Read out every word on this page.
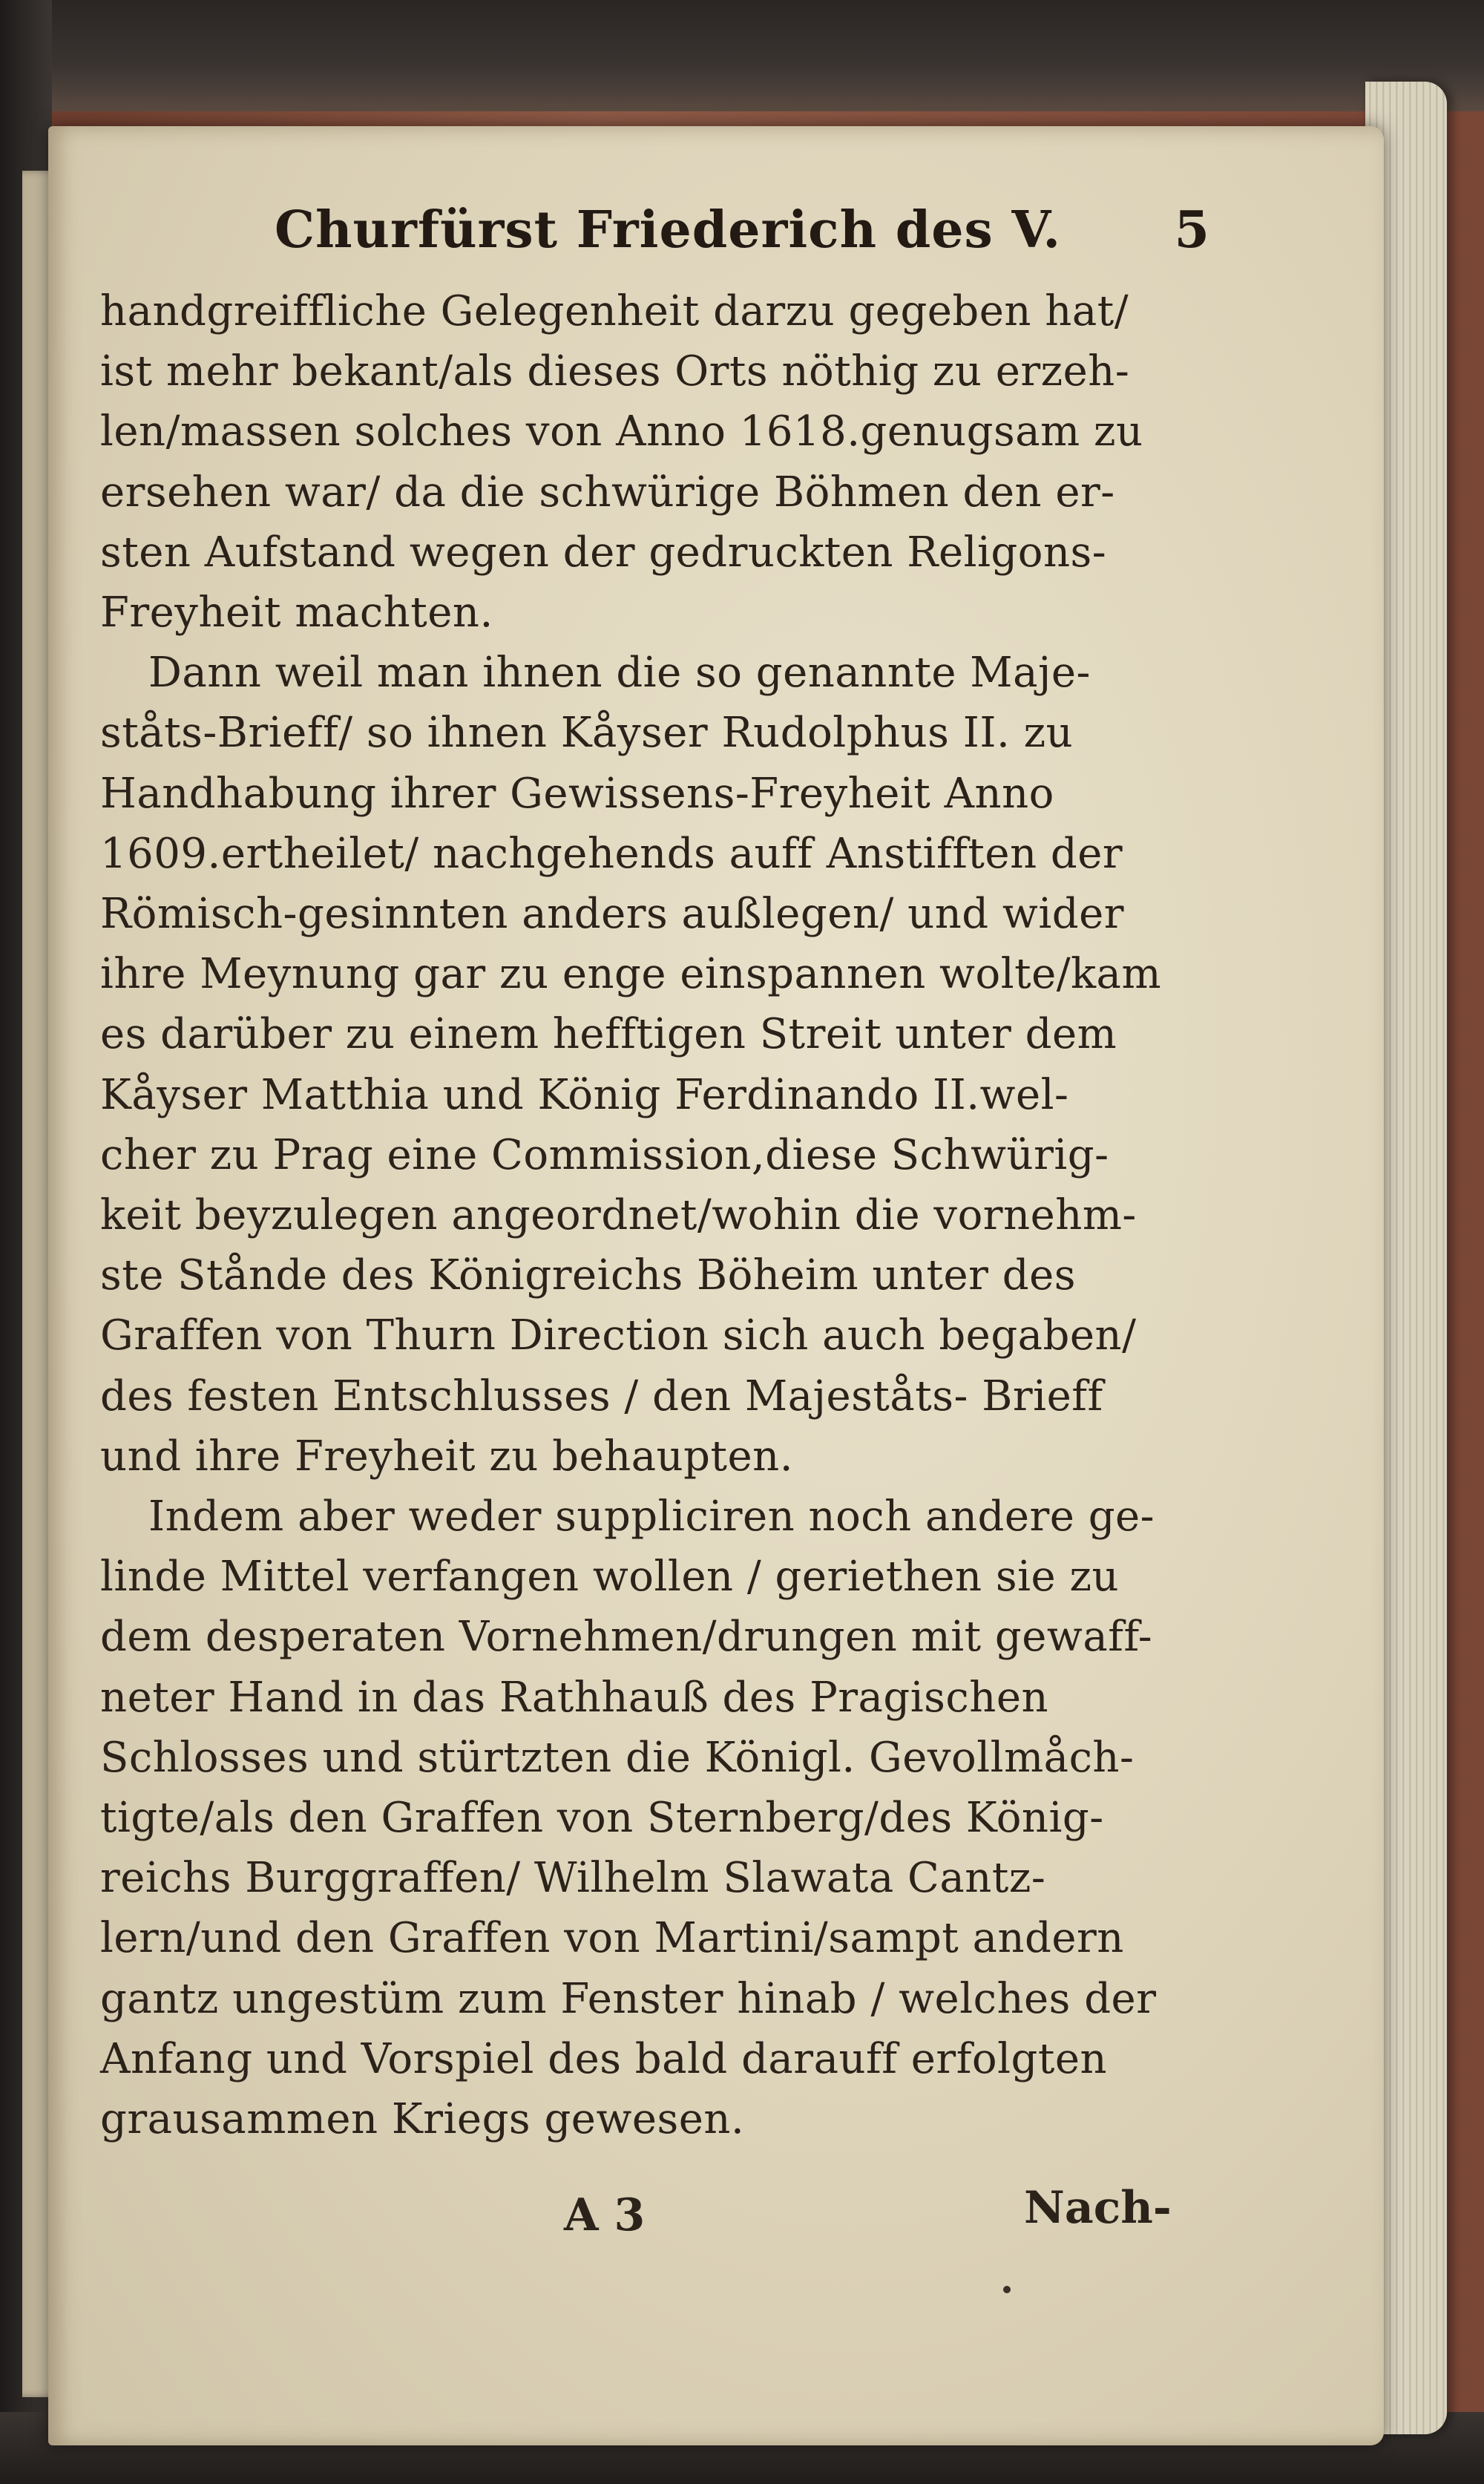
Churfürst Friederich des V. 5
handgreiffliche Gelegenheit darzu gegeben hat/
ist mehr bekant/als dieses Orts nöthig zu erzeh-
len/massen solches von Anno 1618.genugsam zu
ersehen war/ da die schwürige Böhmen den er-
sten Aufstand wegen der gedruckten Religons-
Freyheit machten.
Dann weil man ihnen die so genannte Maje-
ståts-Brieff/ so ihnen Kåyser Rudolphus II. zu
Handhabung ihrer Gewissens-Freyheit Anno
1609.ertheilet/ nachgehends auff Anstifften der
Römisch-gesinnten anders außlegen/ und wider
ihre Meynung gar zu enge einspannen wolte/kam
es darüber zu einem hefftigen Streit unter dem
Kåyser Matthia und König Ferdinando II.wel-
cher zu Prag eine Commission,diese Schwürig-
keit beyzulegen angeordnet/wohin die vornehm-
ste Stånde des Königreichs Böheim unter des
Graffen von Thurn Direction sich auch begaben/
des festen Entschlusses / den Majeståts- Brieff
und ihre Freyheit zu behaupten.
Indem aber weder suppliciren noch andere ge-
linde Mittel verfangen wollen / geriethen sie zu
dem desperaten Vornehmen/drungen mit gewaff-
neter Hand in das Rathhauß des Pragischen
Schlosses und stürtzten die Königl. Gevollmåch-
tigte/als den Graffen von Sternberg/des König-
reichs Burggraffen/ Wilhelm Slawata Cantz-
lern/und den Graffen von Martini/sampt andern
gantz ungestüm zum Fenster hinab / welches der
Anfang und Vorspiel des bald darauff erfolgten
grausammen Kriegs gewesen.
A 3	Nach-
